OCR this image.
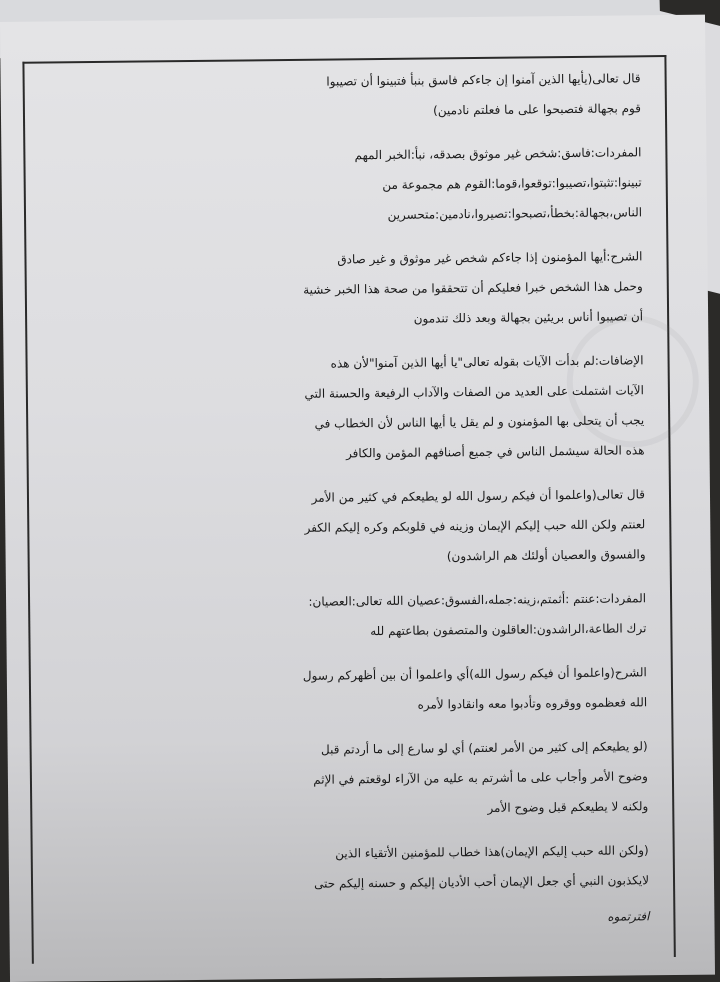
قال تعالى(يأيها الذين آمنوا إن جاءكم فاسق بنبأ فتبينوا أن تصيبوا
قوم بجهالة فتصبحوا على ما فعلتم نادمين)
المفردات:فاسق:شخص غير موثوق بصدقه، نبأ:الخبر المهم
تبينوا:تثبتوا،تصيبوا:توقعوا،قوما:القوم هم مجموعة من
الناس،بجهالة:بخطأ،تصبحوا:تصيروا،نادمين:متحسرين
الشرح:أيها المؤمنون إذا جاءكم شخص غير موثوق و غير صادق
وحمل هذا الشخص خبرا فعليكم أن تتحققوا من صحة هذا الخبر خشية
أن تصيبوا أناس بريئين بجهالة وبعد ذلك تندمون
الإضافات:لم بدأت الآيات بقوله تعالى"يا أيها الذين آمنوا"لأن هذه
الآيات اشتملت على العديد من الصفات والآداب الرفيعة والحسنة التي
يجب أن يتحلى بها المؤمنون و لم يقل يا أيها الناس لأن الخطاب في
هذه الحالة سيشمل الناس في جميع أصنافهم المؤمن والكافر
قال تعالى(واعلموا أن فيكم رسول الله لو يطيعكم في كثير من الأمر
لعنتم ولكن الله حبب إليكم الإيمان وزينه في قلوبكم وكره إليكم الكفر
والفسوق والعصيان أولئك هم الراشدون)
المفردات:عنتم :أثمتم،زينه:جمله،الفسوق:عصيان الله تعالى:العصيان:
ترك الطاعة،الراشدون:العاقلون والمتصفون بطاعتهم لله
الشرح(واعلموا أن فيكم رسول الله)أي واعلموا أن بين أظهركم رسول
الله فعظموه ووقروه وتأدبوا معه وانقادوا لأمره
(لو يطيعكم إلى كثير من الأمر لعنتم) أي لو سارع إلى ما أردتم قبل
وضوح الأمر وأجاب على ما أشرتم به عليه من الآراء لوقعتم في الإثم
ولكنه لا يطيعكم قبل وضوح الأمر
(ولكن الله حبب إليكم الإيمان)هذا خطاب للمؤمنين الأتقياء الذين
لايكذبون النبي أي جعل الإيمان أحب الأديان إليكم و حسنه إليكم حتى
افترتموه
